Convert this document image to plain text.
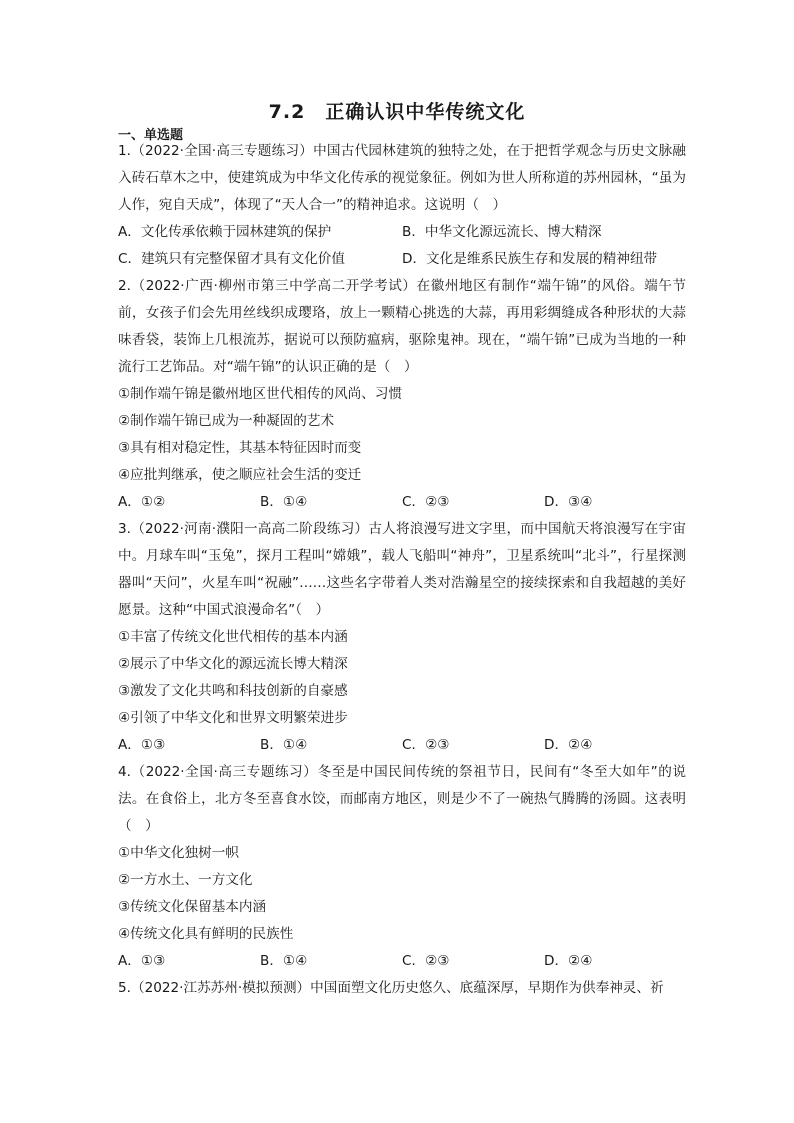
7.2　正确认识中华传统文化
一、单选题
1.（2022·全国·高三专题练习）中国古代园林建筑的独特之处，在于把哲学观念与历史文脉融入砖石草木之中，使建筑成为中华文化传承的视觉象征。例如为世人所称道的苏州园林，“虽为人作，宛自天成”，体现了“天人合一”的精神追求。这说明（　）
A．文化传承依赖于园林建筑的保护	B．中华文化源远流长、博大精深
C．建筑只有完整保留才具有文化价值	D．文化是维系民族生存和发展的精神纽带
2.（2022·广西·柳州市第三中学高二开学考试）在徽州地区有制作“端午锦”的风俗。端午节前，女孩子们会先用丝线织成璎珞，放上一颗精心挑选的大蒜，再用彩绸缝成各种形状的大蒜味香袋，装饰上几根流苏，据说可以预防瘟病，驱除鬼神。现在，“端午锦”已成为当地的一种流行工艺饰品。对“端午锦”的认识正确的是（　）
①制作端午锦是徽州地区世代相传的风尚、习惯
②制作端午锦已成为一种凝固的艺术
③具有相对稳定性，其基本特征因时而变
④应批判继承，使之顺应社会生活的变迁
A．①②	B．①④	C．②③	D．③④
3.（2022·河南·濮阳一高高二阶段练习）古人将浪漫写进文字里，而中国航天将浪漫写在宇宙中。月球车叫“玉兔”，探月工程叫“嫦娥”，载人飞船叫“神舟”，卫星系统叫“北斗”，行星探测器叫“天问”，火星车叫“祝融”……这些名字带着人类对浩瀚星空的接续探索和自我超越的美好愿景。这种“中国式浪漫命名”（　）
①丰富了传统文化世代相传的基本内涵
②展示了中华文化的源远流长博大精深
③激发了文化共鸣和科技创新的自豪感
④引领了中华文化和世界文明繁荣进步
A．①③	B．①④	C．②③	D．②④
4.（2022·全国·高三专题练习）冬至是中国民间传统的祭祖节日，民间有“冬至大如年”的说法。在食俗上，北方冬至喜食水饺，而邮南方地区，则是少不了一碗热气腾腾的汤圆。这表明（　）
①中华文化独树一帜
②一方水土、一方文化
③传统文化保留基本内涵
④传统文化具有鲜明的民族性
A．①③	B．①④	C．②③	D．②④
5.（2022·江苏苏州·模拟预测）中国面塑文化历史悠久、底蕴深厚，早期作为供奉神灵、祈
